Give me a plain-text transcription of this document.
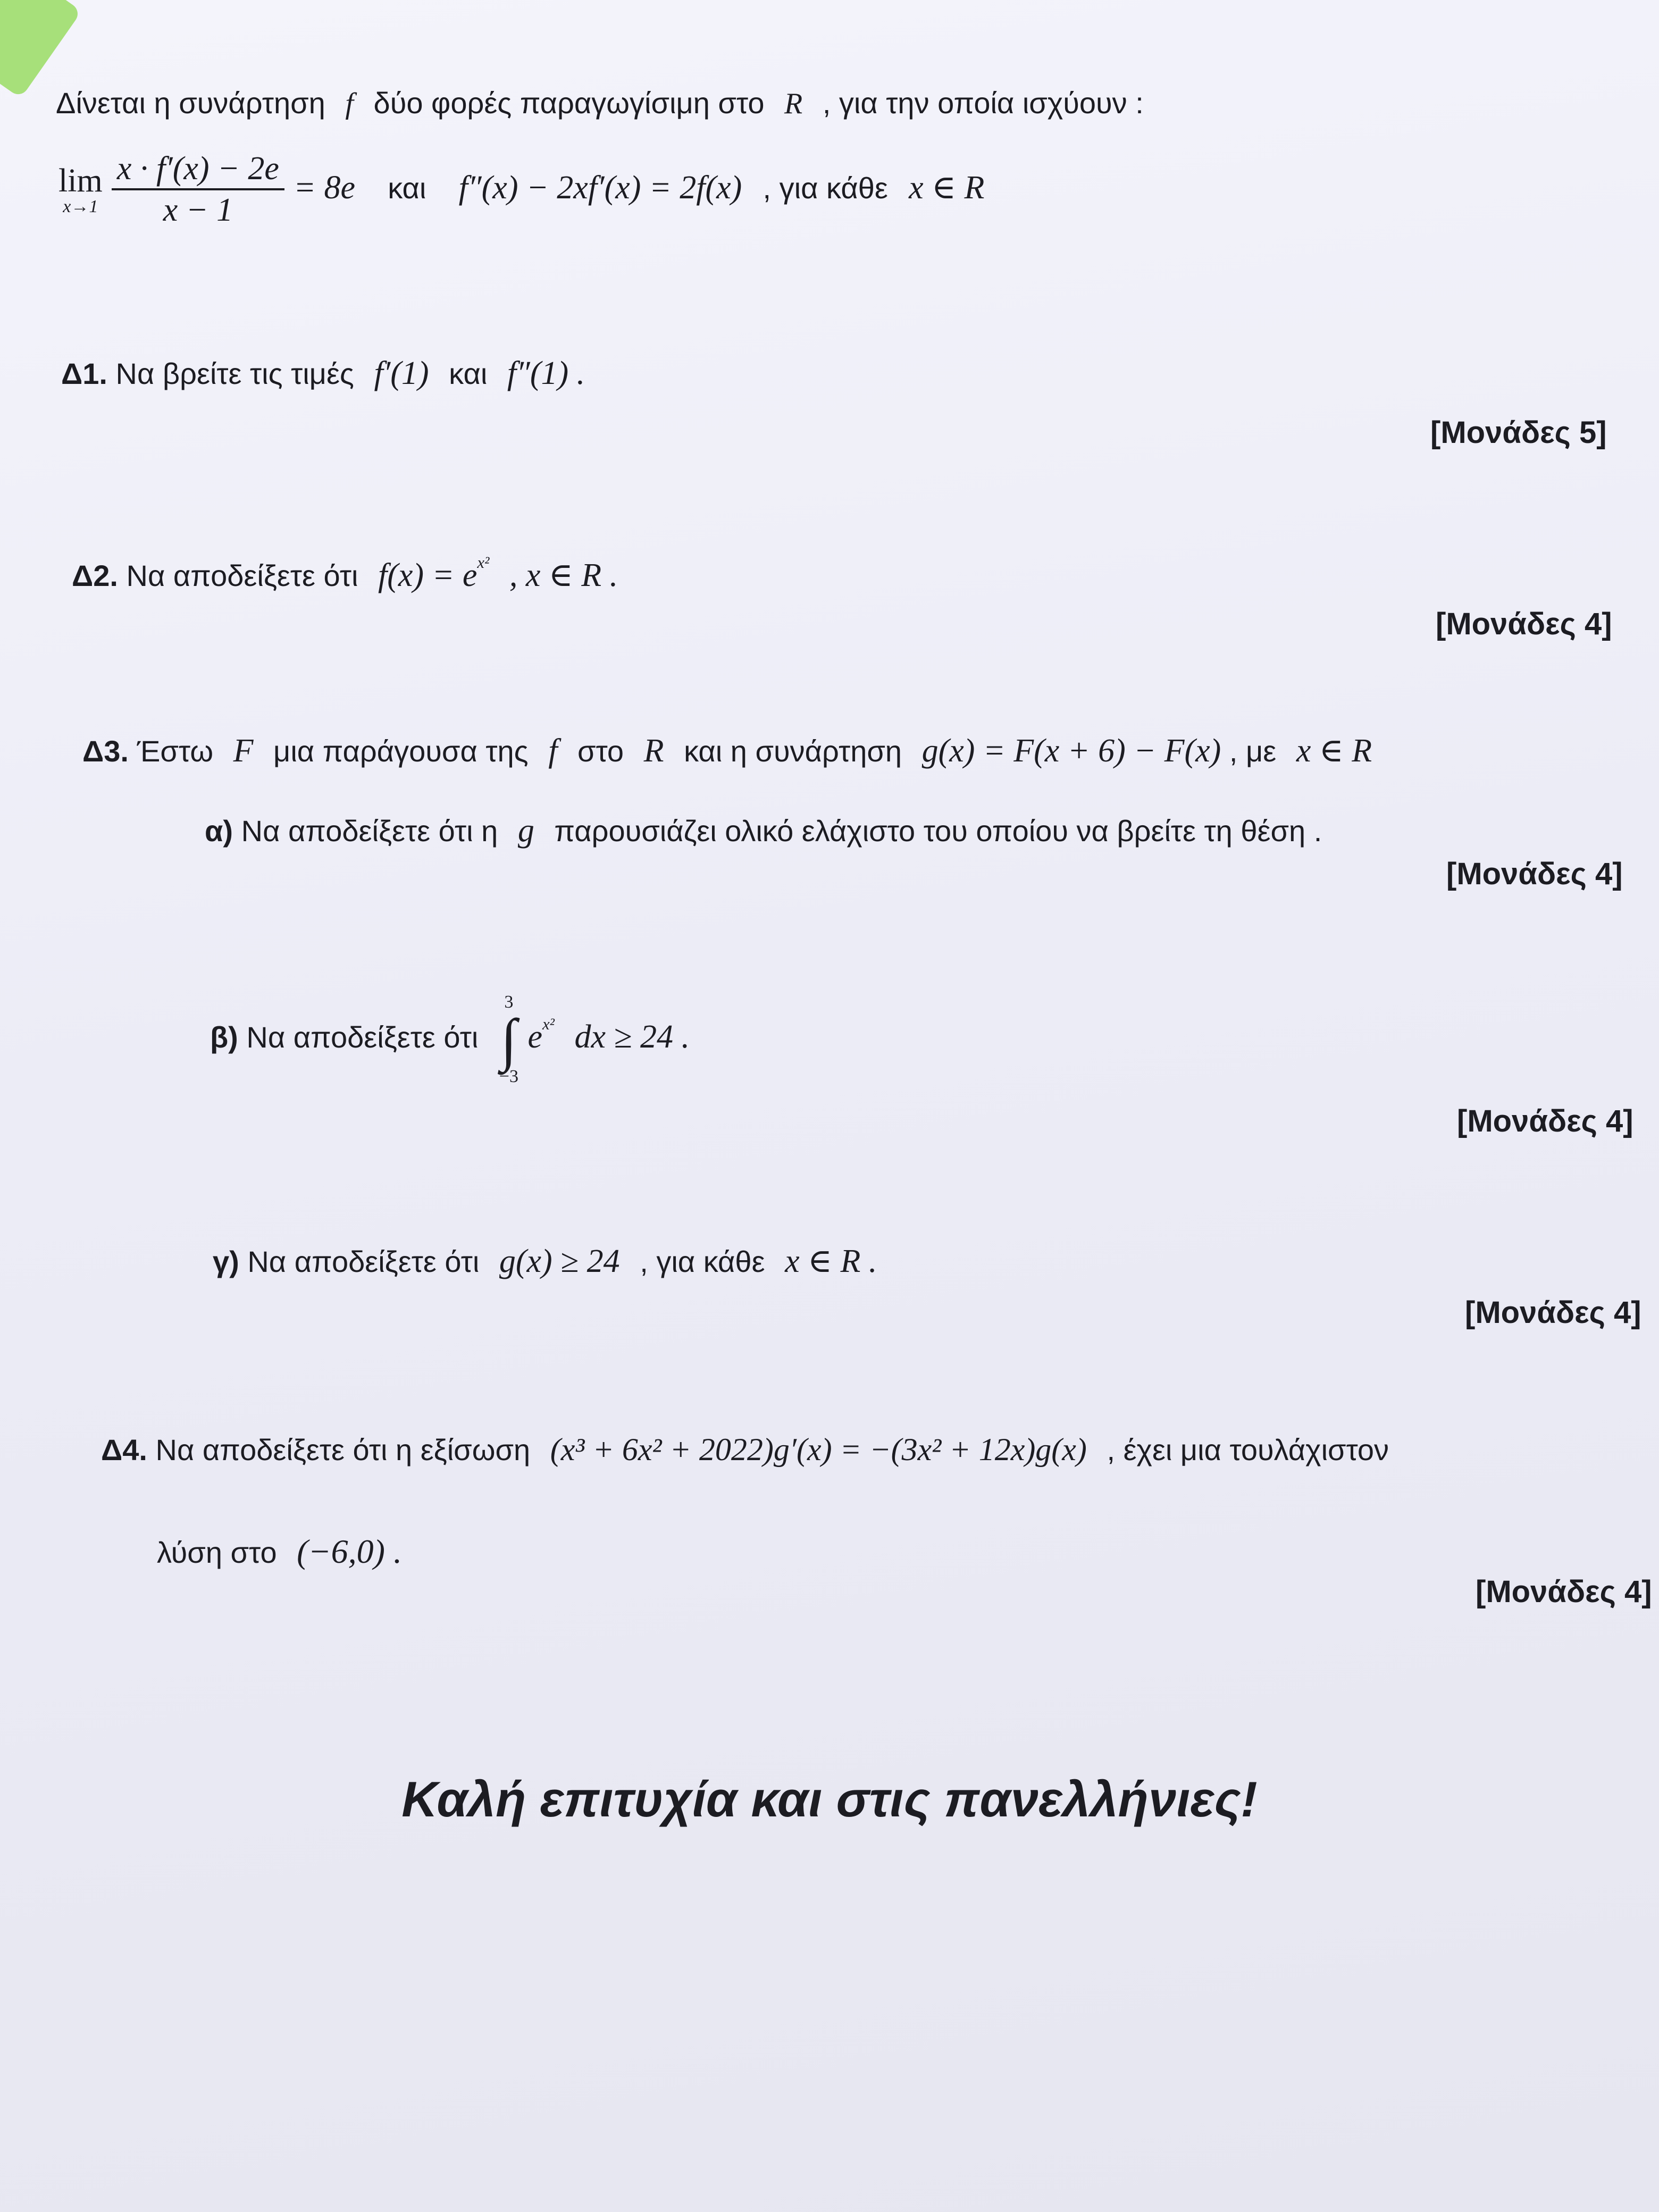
Δίνεται η συνάρτηση f δύο φορές παραγωγίσιμη στο R , για την οποία ισχύουν :
lim
x→1
$\frac{x \cdot f'(x) - 2e}{x - 1} = 8e$ και f″(x) − 2xf′(x) = 2f(x) , για κάθε x ∈ R
Δ1. Να βρείτε τις τιμές f′(1) και f″(1) .
[Μονάδες 5]
Δ2. Να αποδείξετε ότι $f(x) = e^{x^2}$ , x ∈ R .
[Μονάδες 4]
Δ3. Έστω F μια παράγουσα της f στο R και η συνάρτηση g(x) = F(x + 6) − F(x) , με x ∈ R
α) Να αποδείξετε ότι η g παρουσιάζει ολικό ελάχιστο του οποίου να βρείτε τη θέση .
[Μονάδες 4]
β) Να αποδείξετε ότι
3
∫
−3
$e^{x^2}$ dx ≥ 24 .
[Μονάδες 4]
γ) Να αποδείξετε ότι g(x) ≥ 24 , για κάθε x ∈ R .
[Μονάδες 4]
Δ4. Να αποδείξετε ότι η εξίσωση (x³ + 6x² + 2022)g′(x) = −(3x² + 12x)g(x) , έχει μια τουλάχιστον
λύση στο (−6,0) .
[Μονάδες 4]
Καλή επιτυχία και στις πανελλήνιες!
